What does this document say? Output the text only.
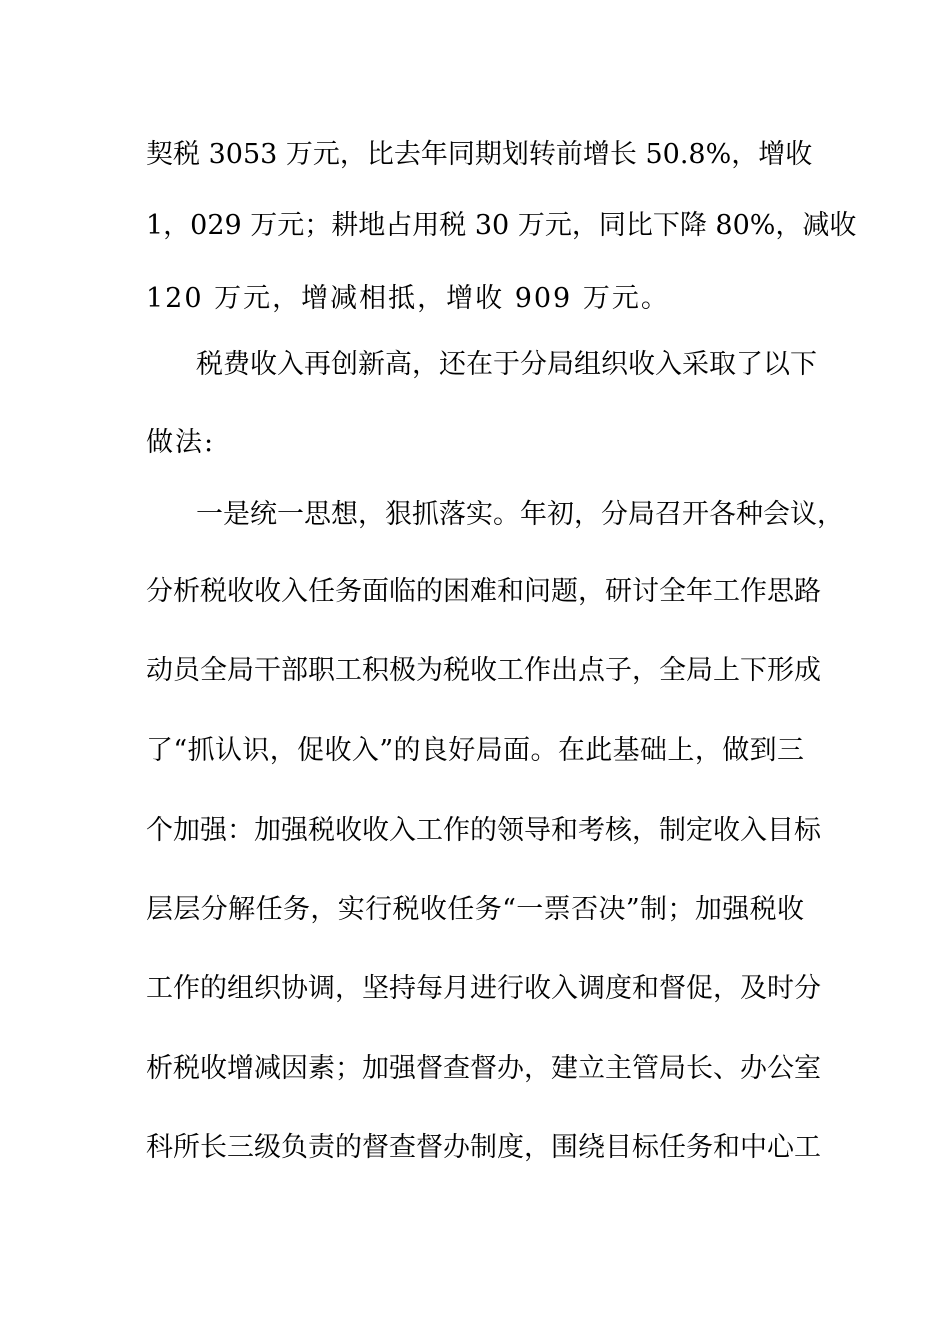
契税 3053 万元，比去年同期划转前增长 50.8%，增收
1，029 万元；耕地占用税 30 万元，同比下降 80%，减收
120 万元，增减相抵，增收 909 万元。
税费收入再创新高，还在于分局组织收入采取了以下
做法:
一是统一思想，狠抓落实。年初，分局召开各种会议，
分析税收收入任务面临的困难和问题，研讨全年工作思路
动员全局干部职工积极为税收工作出点子，全局上下形成
了“抓认识，促收入”的良好局面。在此基础上，做到三
个加强：加强税收收入工作的领导和考核，制定收入目标
层层分解任务，实行税收任务“一票否决”制；加强税收
工作的组织协调，坚持每月进行收入调度和督促，及时分
析税收增减因素；加强督查督办，建立主管局长、办公室
科所长三级负责的督查督办制度，围绕目标任务和中心工
